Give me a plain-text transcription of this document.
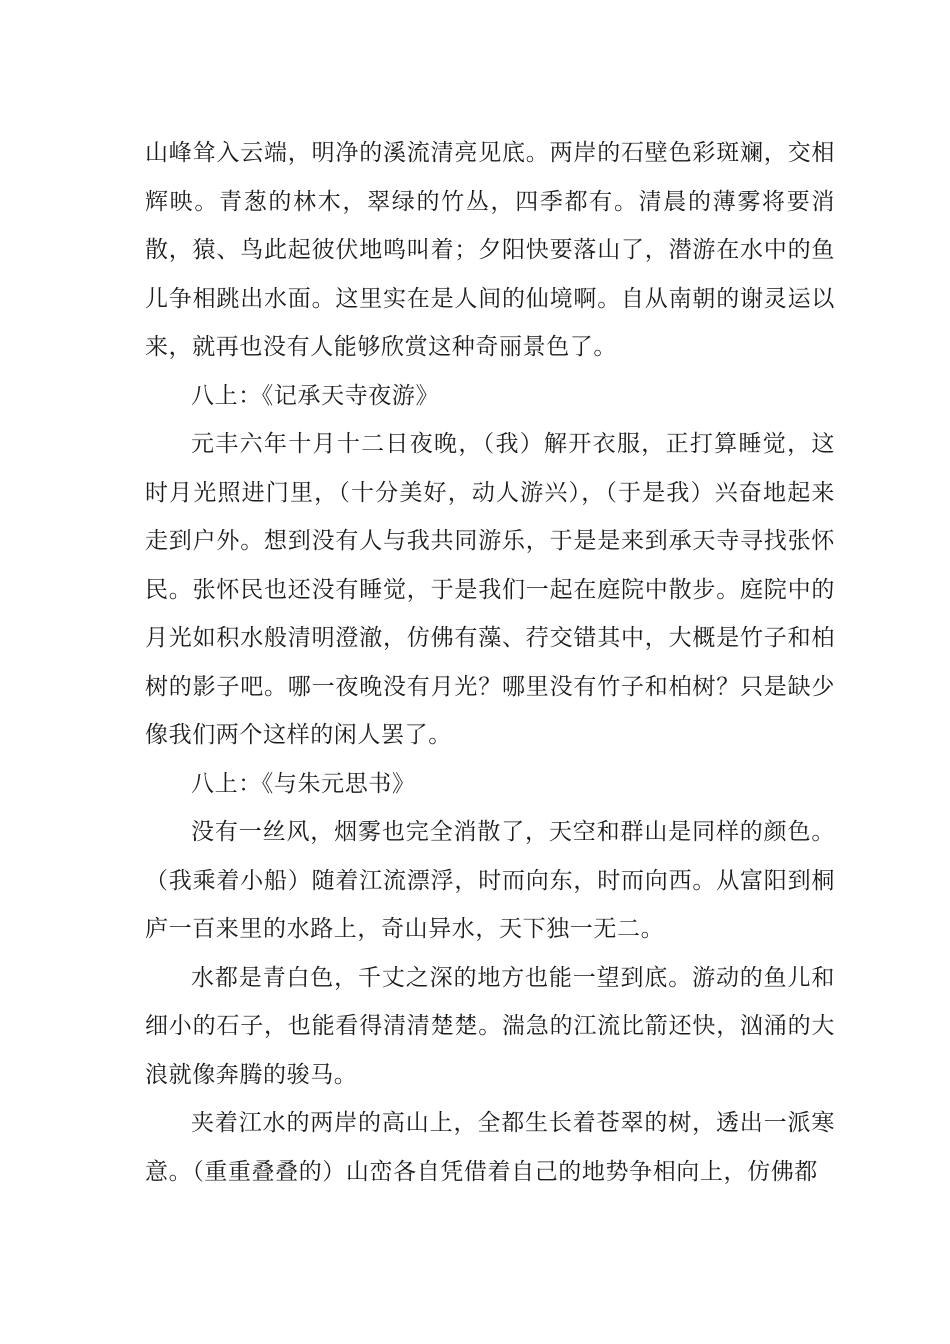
山峰耸入云端，明净的溪流清亮见底。两岸的石壁色彩斑斓，交相辉映。青葱的林木，翠绿的竹丛，四季都有。清晨的薄雾将要消散，猿、鸟此起彼伏地鸣叫着；夕阳快要落山了，潜游在水中的鱼儿争相跳出水面。这里实在是人间的仙境啊。自从南朝的谢灵运以来，就再也没有人能够欣赏这种奇丽景色了。

八上：《记承天寺夜游》

元丰六年十月十二日夜晚，（我）解开衣服，正打算睡觉，这时月光照进门里，（十分美好，动人游兴），（于是我）兴奋地起来走到户外。想到没有人与我共同游乐，于是是来到承天寺寻找张怀民。张怀民也还没有睡觉，于是我们一起在庭院中散步。庭院中的月光如积水般清明澄澈，仿佛有藻、荇交错其中，大概是竹子和柏树的影子吧。哪一夜晚没有月光？哪里没有竹子和柏树？只是缺少像我们两个这样的闲人罢了。

八上：《与朱元思书》

没有一丝风，烟雾也完全消散了，天空和群山是同样的颜色。（我乘着小船）随着江流漂浮，时而向东，时而向西。从富阳到桐庐一百来里的水路上，奇山异水，天下独一无二。

水都是青白色，千丈之深的地方也能一望到底。游动的鱼儿和细小的石子，也能看得清清楚楚。湍急的江流比箭还快，汹涌的大浪就像奔腾的骏马。

夹着江水的两岸的高山上，全都生长着苍翠的树，透出一派寒意。（重重叠叠的）山峦各自凭借着自己的地势争相向上，仿佛都
